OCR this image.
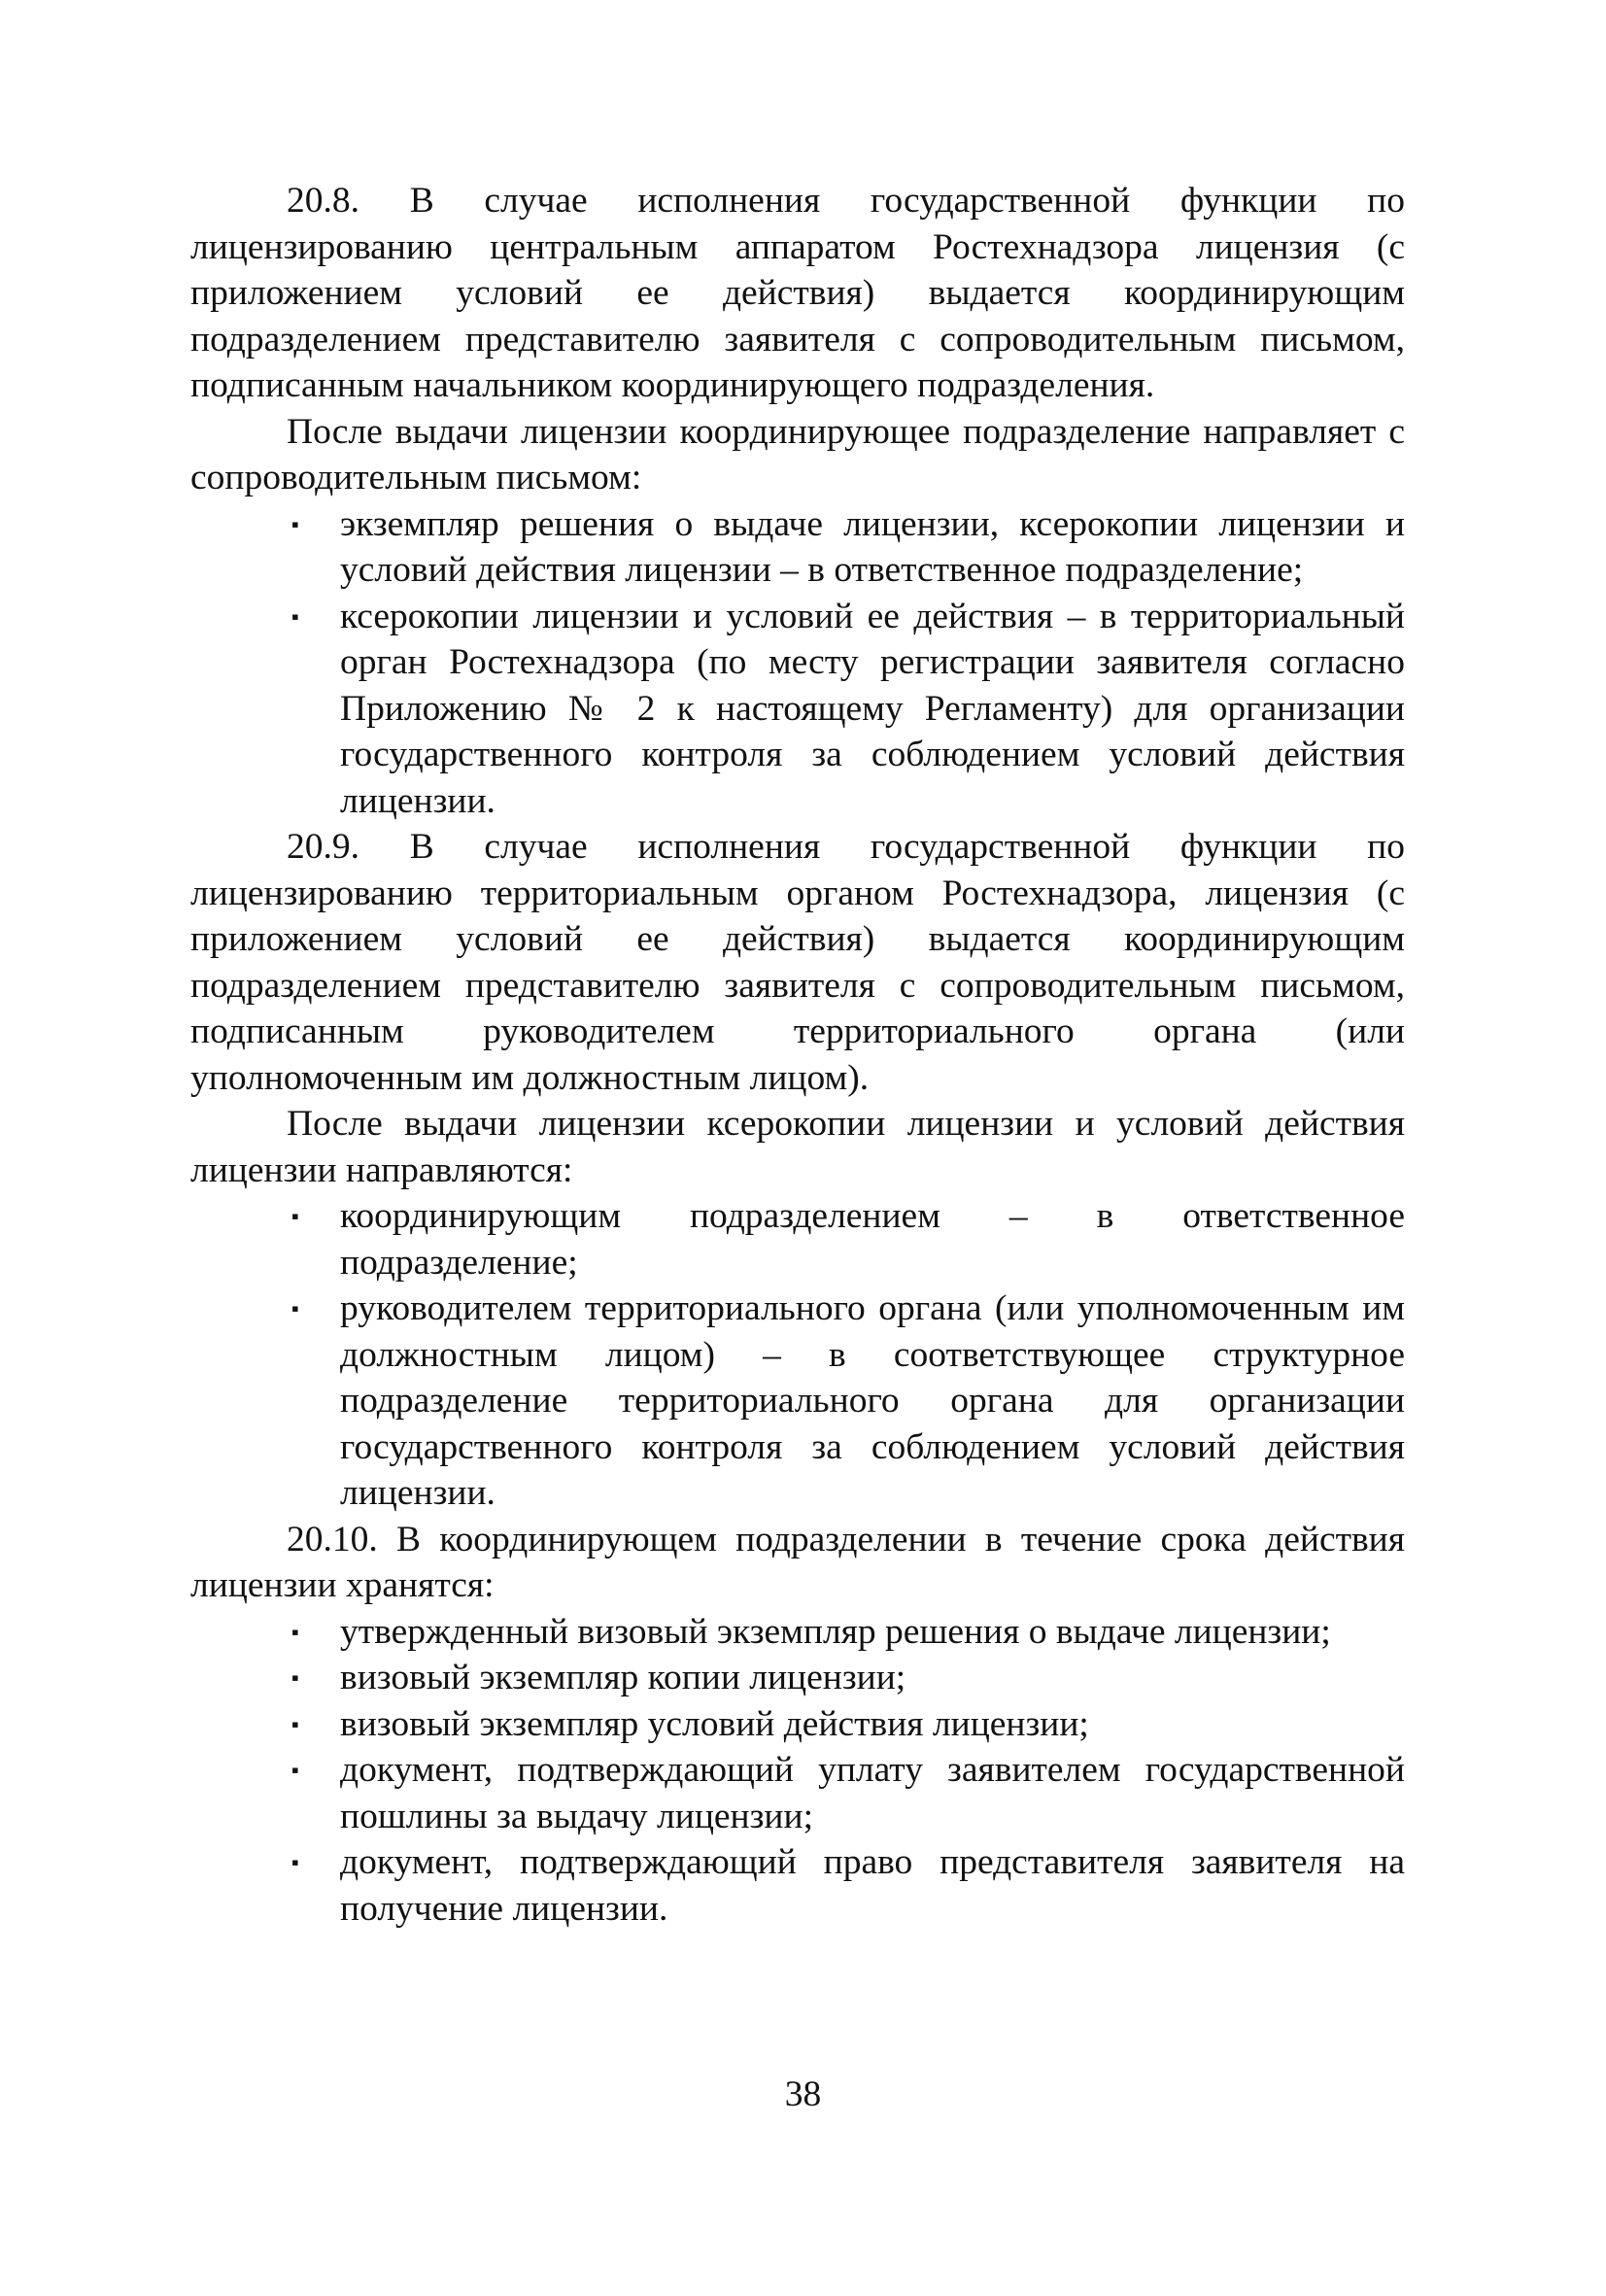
20.8. В случае исполнения государственной функции по лицензированию центральным аппаратом Ростехнадзора лицензия (с приложением условий ее действия) выдается координирующим подразделением представителю заявителя с сопроводительным письмом, подписанным начальником координирующего подразделения.

После выдачи лицензии координирующее подразделение направляет с сопроводительным письмом:

▪	экземпляр решения о выдаче лицензии, ксерокопии лицензии и условий действия лицензии – в ответственное подразделение;
▪	ксерокопии лицензии и условий ее действия – в территориальный орган Ростехнадзора (по месту регистрации заявителя согласно Приложению № 2 к настоящему Регламенту) для организации государственного контроля за соблюдением условий действия лицензии.

20.9. В случае исполнения государственной функции по лицензированию территориальным органом Ростехнадзора, лицензия (с приложением условий ее действия) выдается координирующим подразделением представителю заявителя с сопроводительным письмом, подписанным руководителем территориального органа (или уполномоченным им должностным лицом).

После выдачи лицензии ксерокопии лицензии и условий действия лицензии направляются:

▪	координирующим подразделением – в ответственное подразделение;
▪	руководителем территориального органа (или уполномоченным им должностным лицом) – в соответствующее структурное подразделение территориального органа для организации государственного контроля за соблюдением условий действия лицензии.

20.10. В координирующем подразделении в течение срока действия лицензии хранятся:

▪	утвержденный визовый экземпляр решения о выдаче лицензии;
▪	визовый экземпляр копии лицензии;
▪	визовый экземпляр условий действия лицензии;
▪	документ, подтверждающий уплату заявителем государственной пошлины за выдачу лицензии;
▪	документ, подтверждающий право представителя заявителя на получение лицензии.
38
